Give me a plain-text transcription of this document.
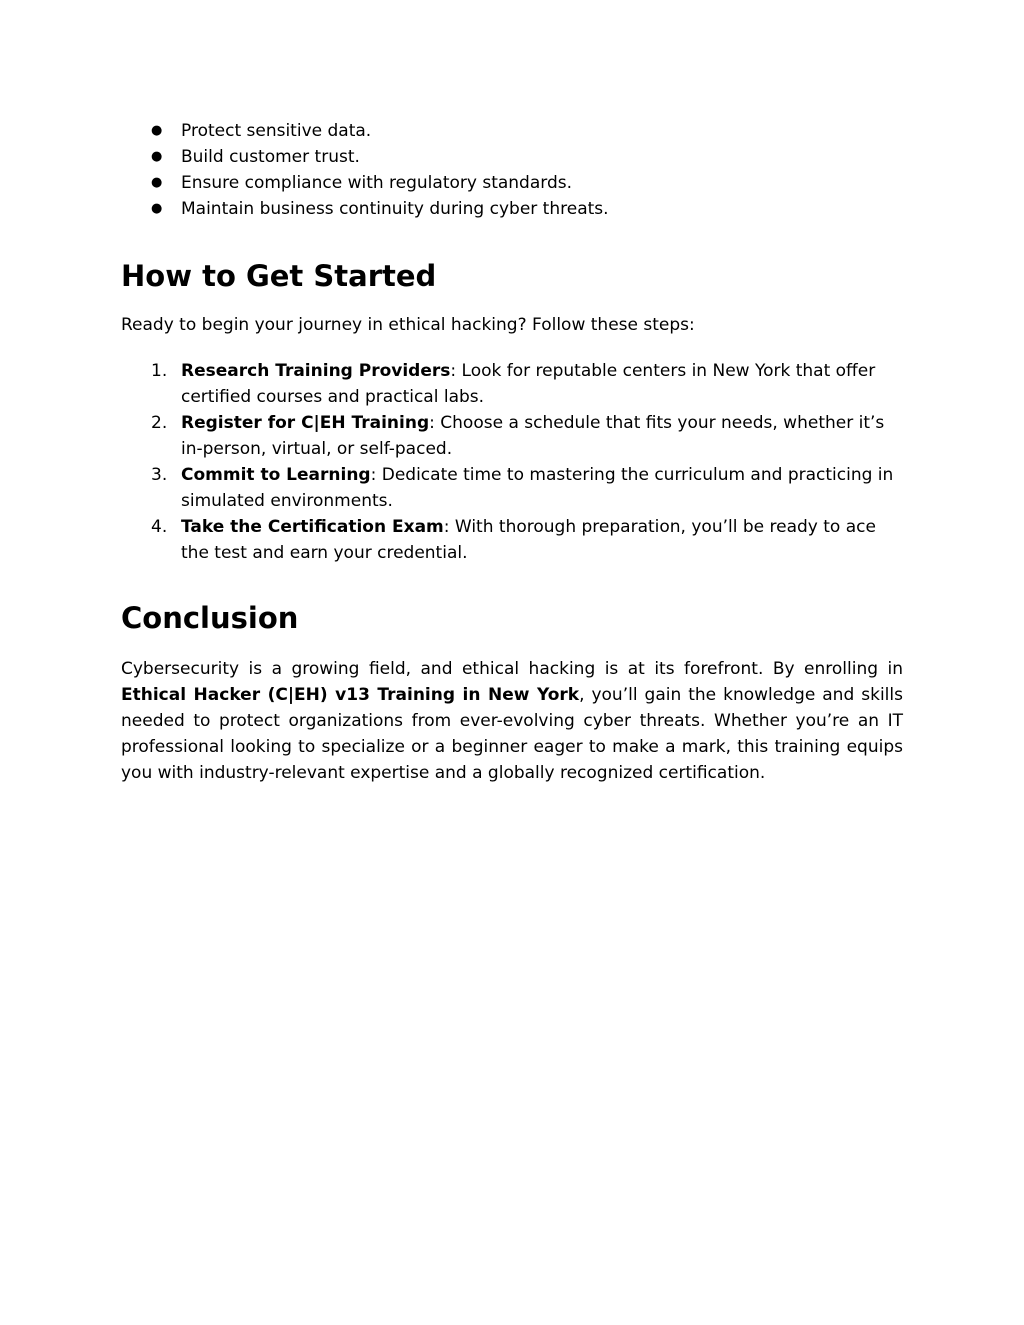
●	Protect sensitive data.
●	Build customer trust.
●	Ensure compliance with regulatory standards.
●	Maintain business continuity during cyber threats.
How to Get Started

Ready to begin your journey in ethical hacking? Follow these steps:

1. Research Training Providers: Look for reputable centers in New York that offer certified courses and practical labs.
2. Register for C|EH Training: Choose a schedule that fits your needs, whether it’s in-person, virtual, or self-paced.
3. Commit to Learning: Dedicate time to mastering the curriculum and practicing in simulated environments.
4. Take the Certification Exam: With thorough preparation, you’ll be ready to ace the test and earn your credential.
Conclusion

Cybersecurity is a growing field, and ethical hacking is at its forefront. By enrolling in Ethical Hacker (C|EH) v13 Training in New York, you’ll gain the knowledge and skills needed to protect organizations from ever-evolving cyber threats. Whether you’re an IT professional looking to specialize or a beginner eager to make a mark, this training equips you with industry-relevant expertise and a globally recognized certification.
